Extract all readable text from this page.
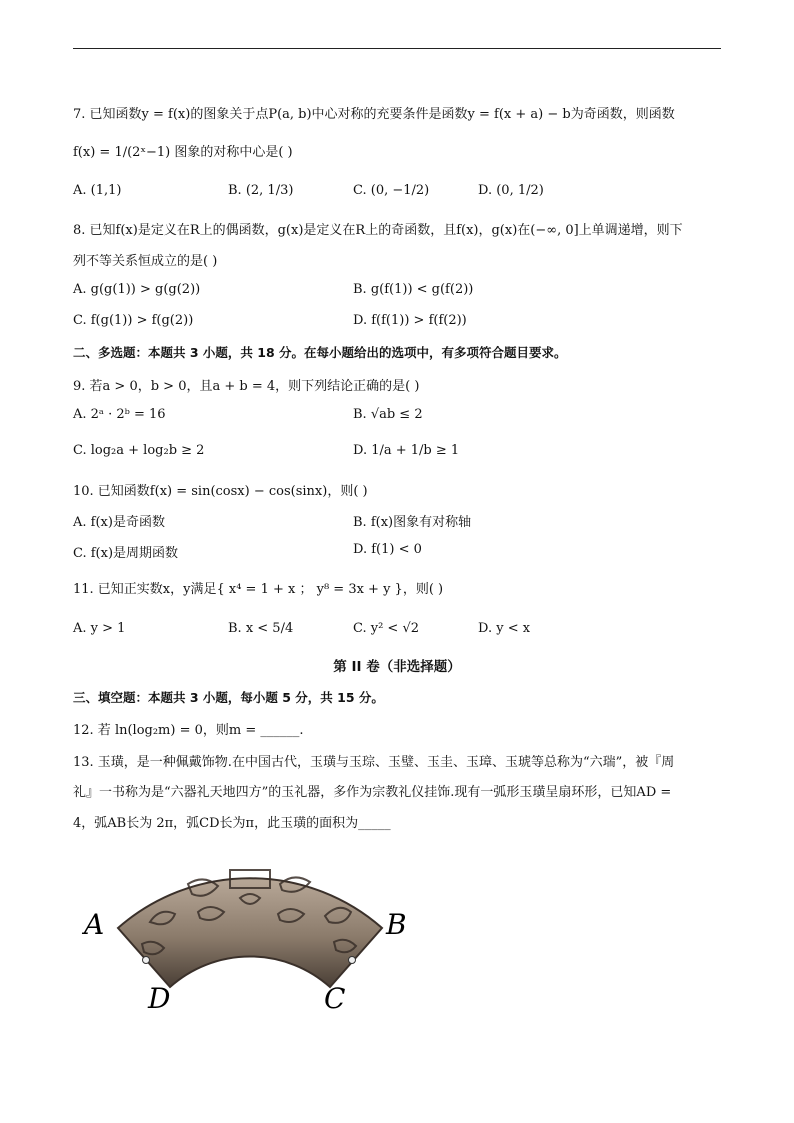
7. 已知函数y = f(x)的图象关于点P(a, b)中心对称的充要条件是函数y = f(x + a) − b为奇函数，则函数
f(x) = 1/(2ˣ−1) 图象的对称中心是( )
A. (1,1)	B. (2, 1/3)	C. (0, −1/2)	D. (0, 1/2)
8. 已知f(x)是定义在R上的偶函数，g(x)是定义在R上的奇函数，且f(x)，g(x)在(−∞, 0]上单调递增，则下
列不等关系恒成立的是( )
A. g(g(1)) > g(g(2))	B. g(f(1)) < g(f(2))
C. f(g(1)) > f(g(2))	D. f(f(1)) > f(f(2))
二、多选题：本题共 3 小题，共 18 分。在每小题给出的选项中，有多项符合题目要求。
9. 若a > 0，b > 0，且a + b = 4，则下列结论正确的是( )
A. 2ᵃ · 2ᵇ = 16	B. √ab ≤ 2
C. log₂a + log₂b ≥ 2	D. 1/a + 1/b ≥ 1
10. 已知函数f(x) = sin(cosx) − cos(sinx)，则( )
A. f(x)是奇函数	B. f(x)图象有对称轴
C. f(x)是周期函数	D. f(1) < 0
11. 已知正实数x，y满足{ x⁴ = 1 + x ； y⁸ = 3x + y }，则( )
A. y > 1	B. x < 5/4	C. y² < √2	D. y < x
第 II 卷（非选择题）
三、填空题：本题共 3 小题，每小题 5 分，共 15 分。
12. 若 ln(log₂m) = 0，则m = ______.
13. 玉璜，是一种佩戴饰物.在中国古代，玉璜与玉琮、玉璧、玉圭、玉璋、玉琥等总称为“六瑞”，被『周
礼』一书称为是“六器礼天地四方”的玉礼器，多作为宗教礼仪挂饰.现有一弧形玉璜呈扇环形，已知AD =
4，弧AB长为 2π，弧CD长为π，此玉璜的面积为_____
A	B
D	C
